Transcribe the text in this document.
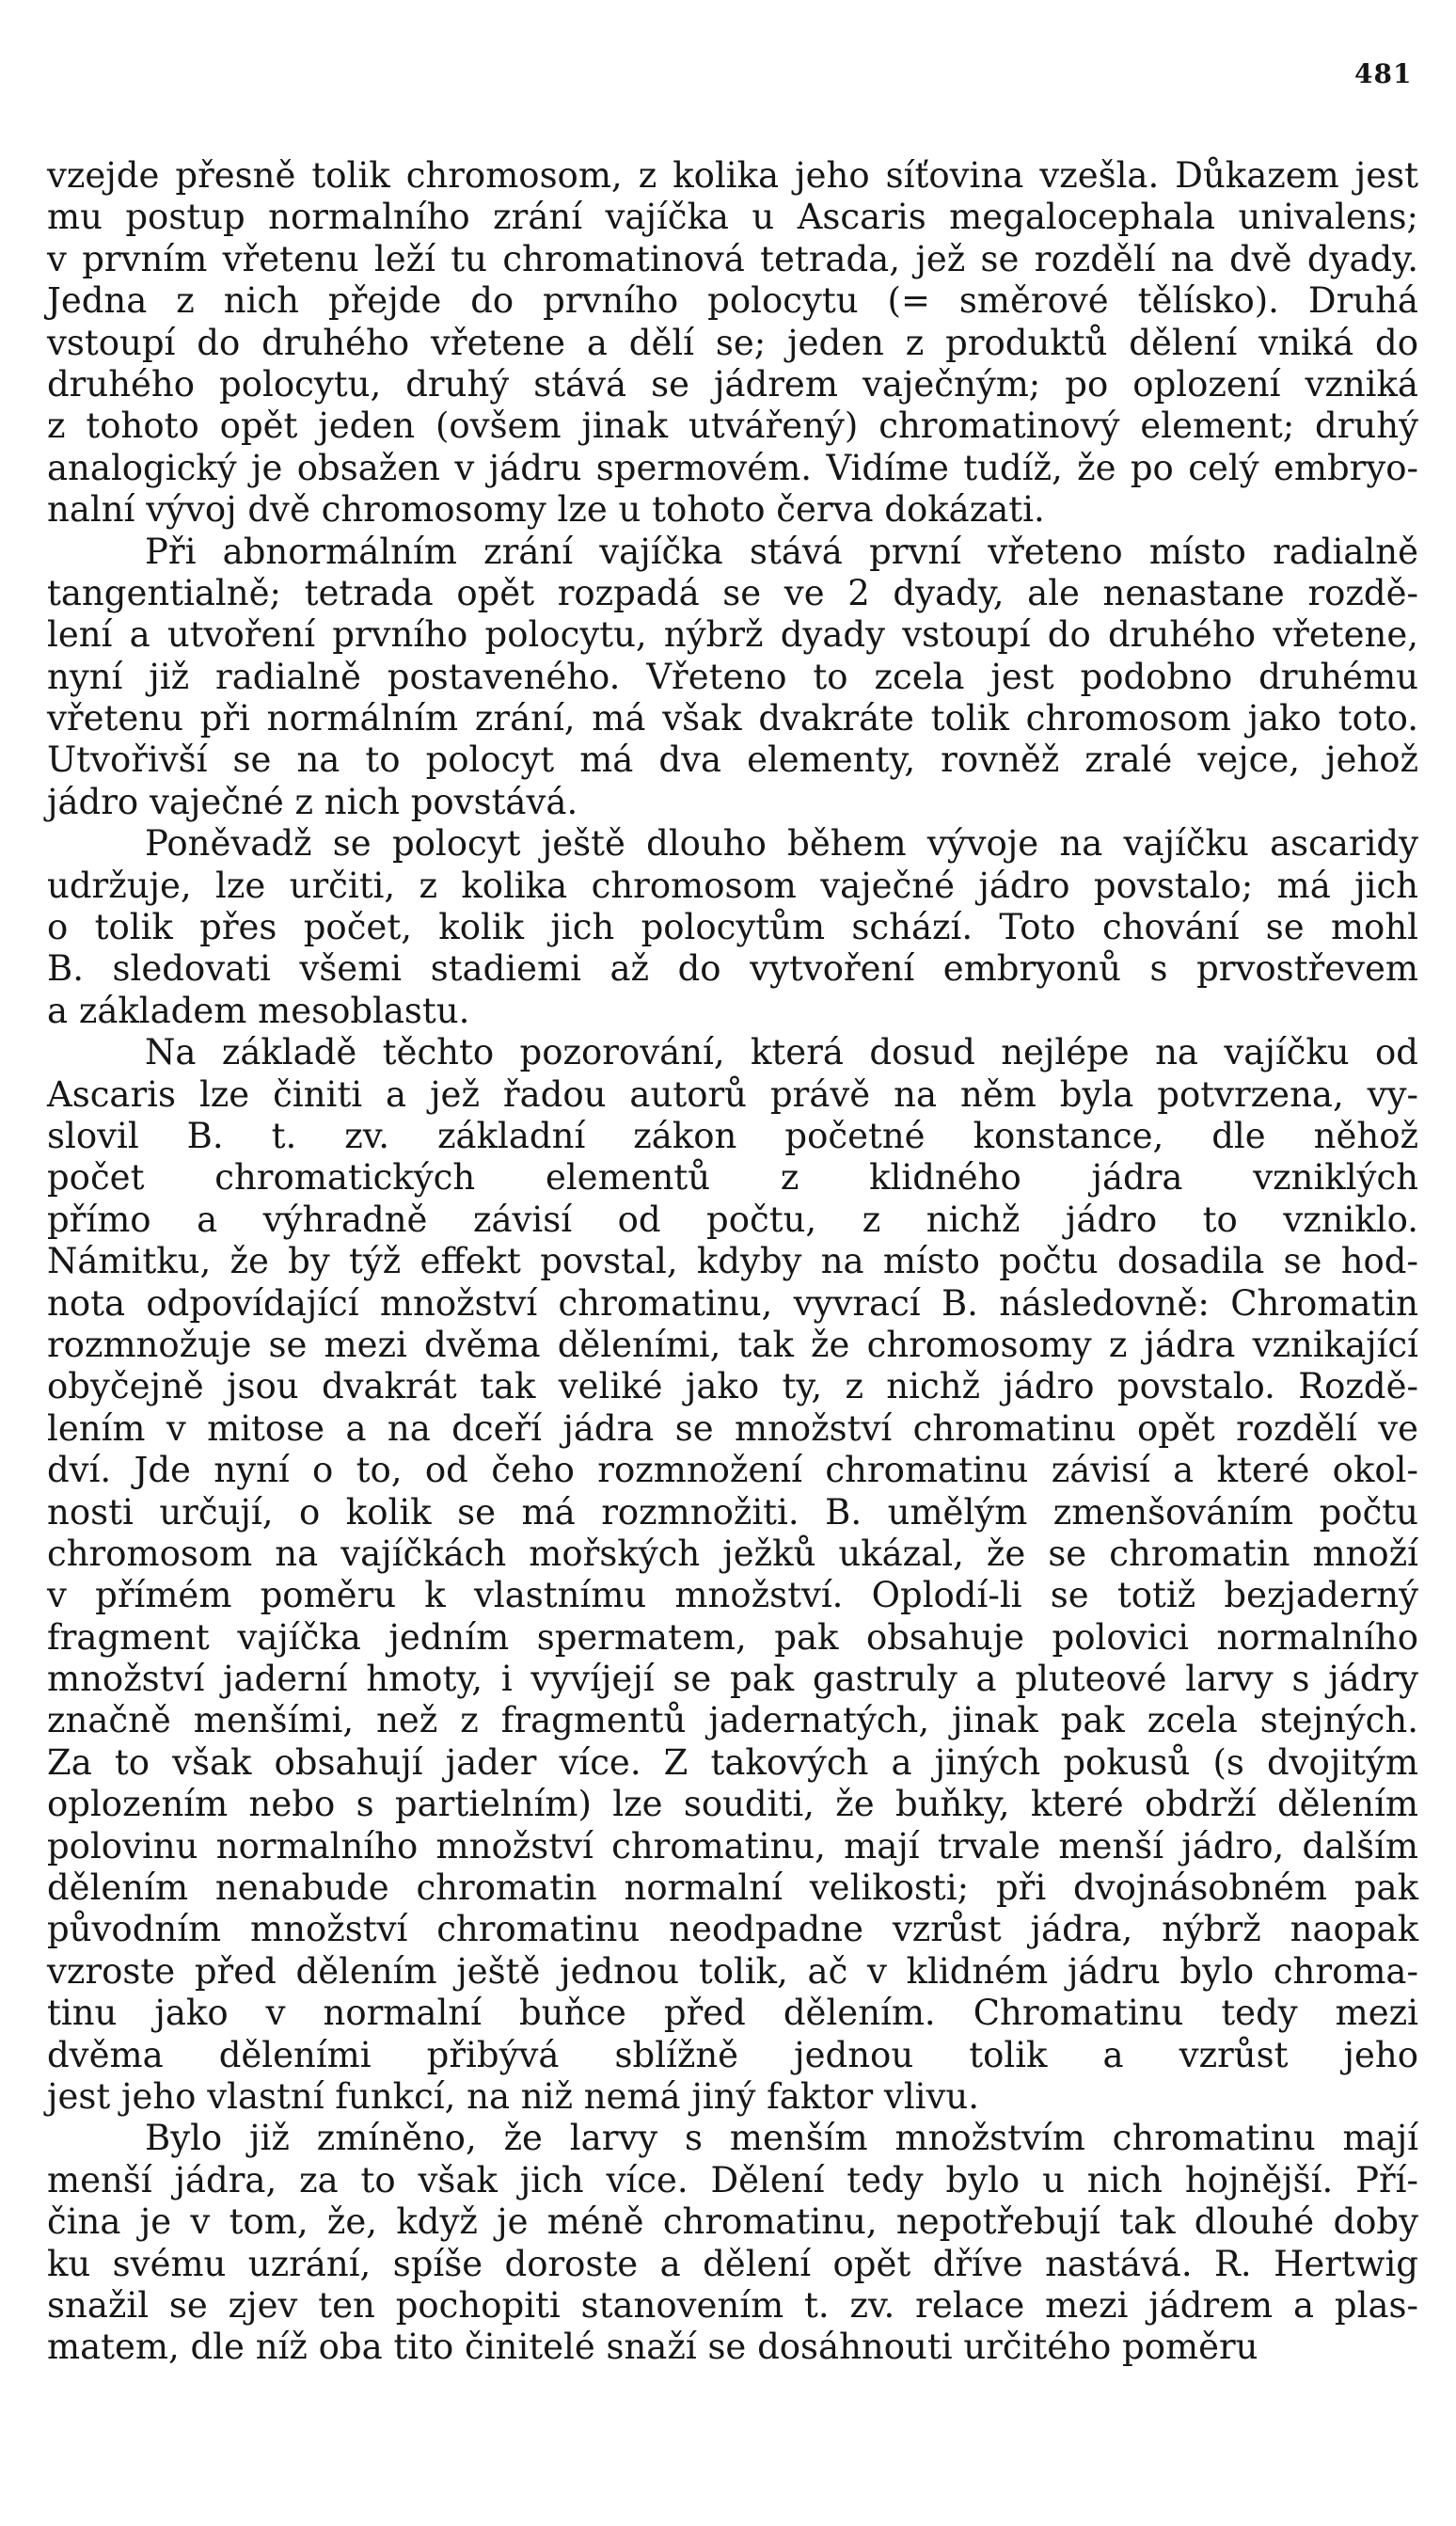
481
vzejde přesně tolik chromosom, z kolika jeho síťovina vzešla. Důkazem jest
mu postup normalního zrání vajíčka u Ascaris megalocephala univalens;
v prvním vřetenu leží tu chromatinová tetrada, jež se rozdělí na dvě dyady.
Jedna z nich přejde do prvního polocytu (= směrové tělísko). Druhá
vstoupí do druhého vřetene a dělí se; jeden z produktů dělení vniká do
druhého polocytu, druhý stává se jádrem vaječným; po oplození vzniká
z tohoto opět jeden (ovšem jinak utvářený) chromatinový element; druhý
analogický je obsažen v jádru spermovém. Vidíme tudíž, že po celý embryo-
nalní vývoj dvě chromosomy lze u tohoto červa dokázati.
Při abnormálním zrání vajíčka stává první vřeteno místo radialně
tangentialně; tetrada opět rozpadá se ve 2 dyady, ale nenastane rozdě-
lení a utvoření prvního polocytu, nýbrž dyady vstoupí do druhého vřetene,
nyní již radialně postaveného. Vřeteno to zcela jest podobno druhému
vřetenu při normálním zrání, má však dvakráte tolik chromosom jako toto.
Utvořivší se na to polocyt má dva elementy, rovněž zralé vejce, jehož
jádro vaječné z nich povstává.
Poněvadž se polocyt ještě dlouho během vývoje na vajíčku ascaridy
udržuje, lze určiti, z kolika chromosom vaječné jádro povstalo; má jich
o tolik přes počet, kolik jich polocytům schází. Toto chování se mohl
B. sledovati všemi stadiemi až do vytvoření embryonů s prvostřevem
a základem mesoblastu.
Na základě těchto pozorování, která dosud nejlépe na vajíčku od
Ascaris lze činiti a jež řadou autorů právě na něm byla potvrzena, vy-
slovil B. t. zv. základní zákon početné konstance, dle něhož
počet chromatických elementů z klidného jádra vzniklých
přímo a výhradně závisí od počtu, z nichž jádro to vzniklo.
Námitku, že by týž effekt povstal, kdyby na místo počtu dosadila se hod-
nota odpovídající množství chromatinu, vyvrací B. následovně: Chromatin
rozmnožuje se mezi dvěma děleními, tak že chromosomy z jádra vznikající
obyčejně jsou dvakrát tak veliké jako ty, z nichž jádro povstalo. Rozdě-
lením v mitose a na dceří jádra se množství chromatinu opět rozdělí ve
dví. Jde nyní o to, od čeho rozmnožení chromatinu závisí a které okol-
nosti určují, o kolik se má rozmnožiti. B. umělým zmenšováním počtu
chromosom na vajíčkách mořských ježků ukázal, že se chromatin množí
v přímém poměru k vlastnímu množství. Oplodí-li se totiž bezjaderný
fragment vajíčka jedním spermatem, pak obsahuje polovici normalního
množství jaderní hmoty, i vyvíjejí se pak gastruly a pluteové larvy s jádry
značně menšími, než z fragmentů jadernatých, jinak pak zcela stejných.
Za to však obsahují jader více. Z takových a jiných pokusů (s dvojitým
oplozením nebo s partielním) lze souditi, že buňky, které obdrží dělením
polovinu normalního množství chromatinu, mají trvale menší jádro, dalším
dělením nenabude chromatin normalní velikosti; při dvojnásobném pak
původním množství chromatinu neodpadne vzrůst jádra, nýbrž naopak
vzroste před dělením ještě jednou tolik, ač v klidném jádru bylo chroma-
tinu jako v normalní buňce před dělením. Chromatinu tedy mezi
dvěma děleními přibývá sblížně jednou tolik a vzrůst jeho
jest jeho vlastní funkcí, na niž nemá jiný faktor vlivu.
Bylo již zmíněno, že larvy s menším množstvím chromatinu mají
menší jádra, za to však jich více. Dělení tedy bylo u nich hojnější. Pří-
čina je v tom, že, když je méně chromatinu, nepotřebují tak dlouhé doby
ku svému uzrání, spíše doroste a dělení opět dříve nastává. R. Hertwig
snažil se zjev ten pochopiti stanovením t. zv. relace mezi jádrem a plas-
matem, dle níž oba tito činitelé snaží se dosáhnouti určitého poměru
